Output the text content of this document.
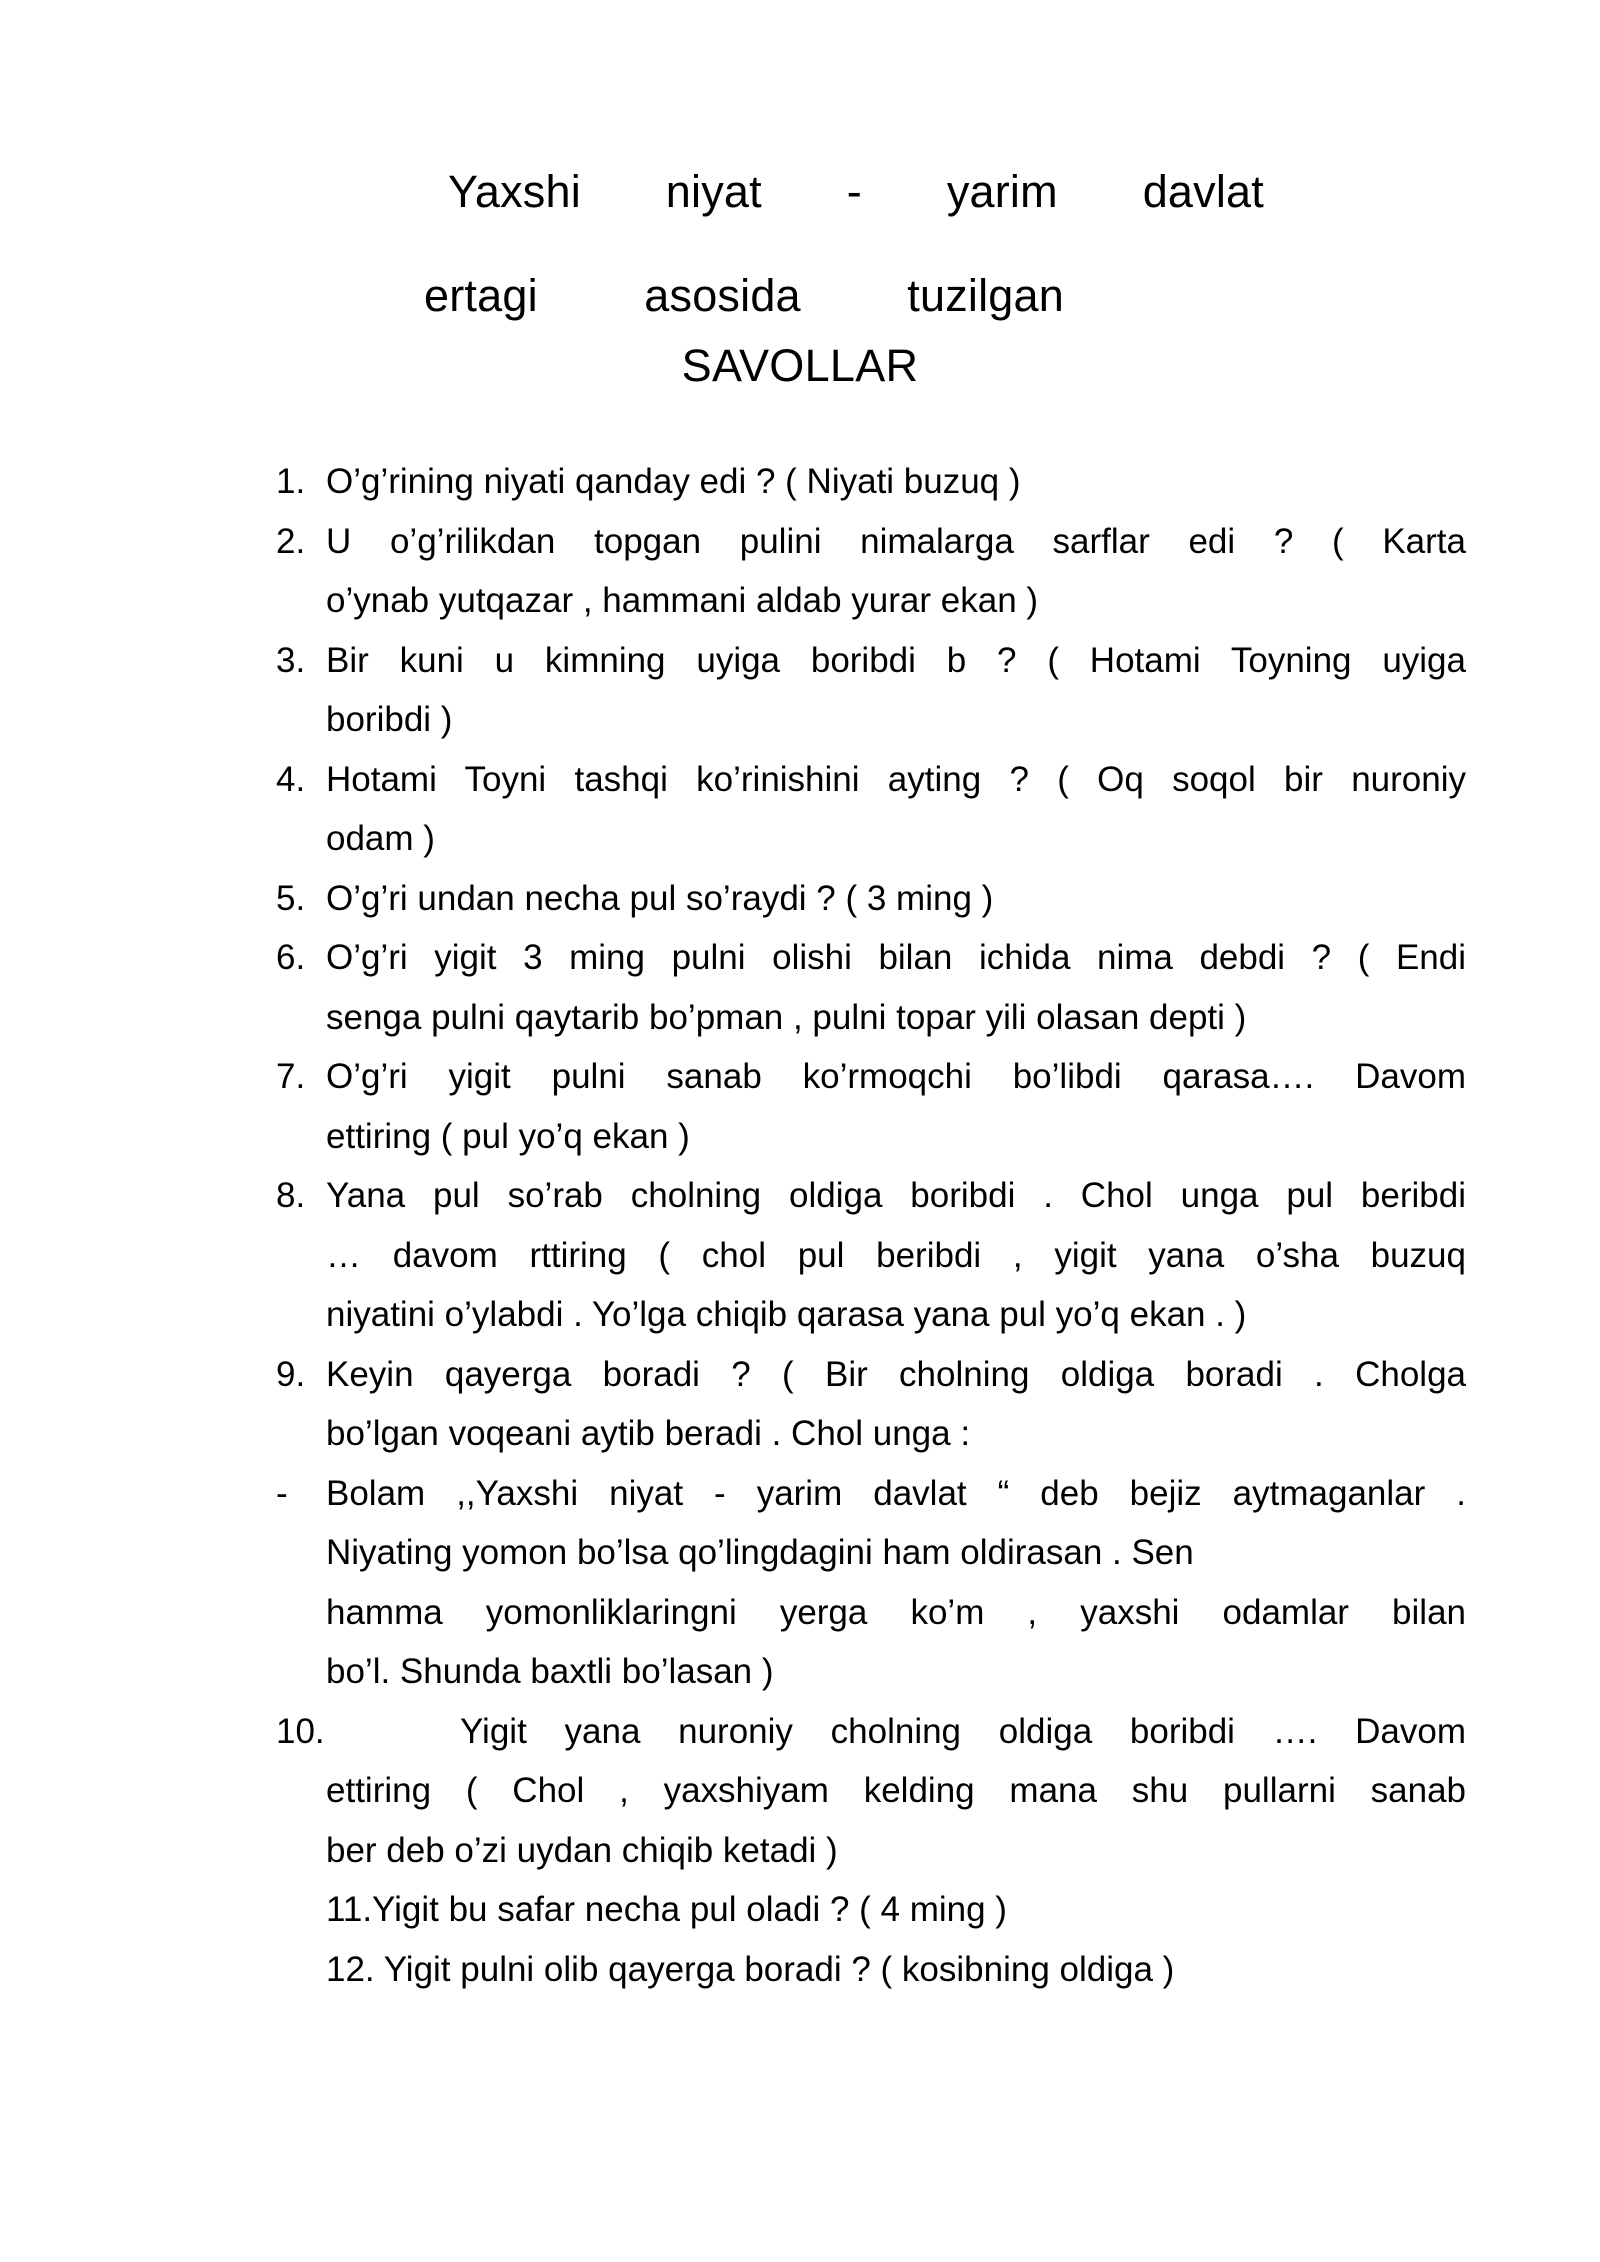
Yaxshi niyat - yarim davlat
ertagi asosida tuzilgan
SAVOLLAR
1. O’g’rining niyati qanday edi ? ( Niyati buzuq )
2. U o’g’rilikdan topgan pulini nimalarga sarflar edi ? ( Karta
o’ynab yutqazar , hammani aldab yurar ekan )
3. Bir kuni u kimning uyiga boribdi b ? ( Hotami Toyning uyiga
boribdi )
4. Hotami Toyni tashqi ko’rinishini ayting ? ( Oq soqol bir nuroniy
odam )
5. O’g’ri undan necha pul so’raydi ? ( 3 ming )
6. O’g’ri yigit 3 ming pulni olishi bilan ichida nima debdi ? ( Endi
senga pulni qaytarib bo’pman , pulni topar yili olasan depti )
7. O’g’ri yigit pulni sanab ko’rmoqchi bo’libdi qarasa…. Davom
ettiring ( pul yo’q ekan )
8. Yana pul so’rab cholning oldiga boribdi . Chol unga pul beribdi
… davom rttiring ( chol pul beribdi , yigit yana o’sha buzuq
niyatini o’ylabdi . Yo’lga chiqib qarasa yana pul yo’q ekan . )
9. Keyin qayerga boradi ? ( Bir cholning oldiga boradi . Cholga
bo’lgan voqeani aytib beradi . Chol unga :
-	Bolam ,,Yaxshi niyat - yarim davlat “ deb bejiz aytmaganlar .
Niyating yomon bo’lsa qo’lingdagini ham oldirasan . Sen
hamma yomonliklaringni yerga ko’m , yaxshi odamlar bilan
bo’l. Shunda baxtli bo’lasan )
10.	Yigit yana nuroniy cholning oldiga boribdi …. Davom
ettiring ( Chol , yaxshiyam kelding mana shu pullarni sanab
ber deb o’zi uydan chiqib ketadi )
11.Yigit bu safar necha pul oladi ? ( 4 ming )
12. Yigit pulni olib qayerga boradi ? ( kosibning oldiga )
